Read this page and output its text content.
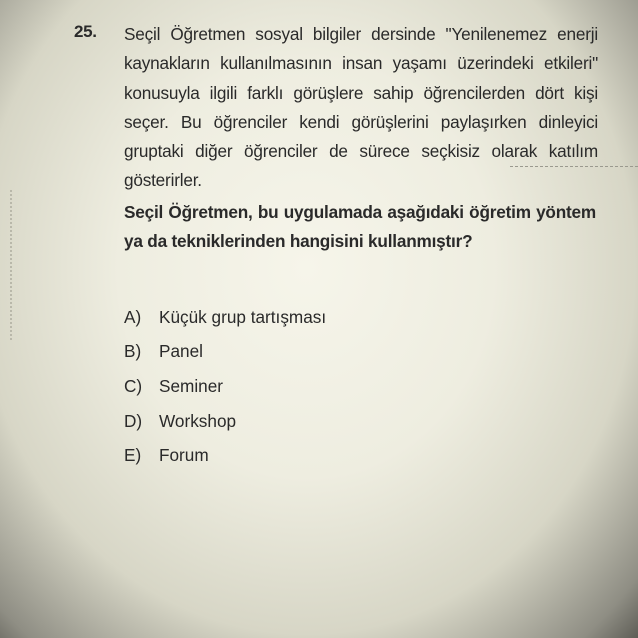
25. Seçil Öğretmen sosyal bilgiler dersinde "Yenilenemez enerji kaynakların kullanılmasının insan yaşamı üzerindeki etkileri" konusuyla ilgili farklı görüşlere sahip öğrencilerden dört kişi seçer. Bu öğrenciler kendi görüşlerini paylaşırken dinleyici gruptaki diğer öğrenciler de sürece seçkisiz olarak katılım gösterirler.
Seçil Öğretmen, bu uygulamada aşağıdaki öğretim yöntem ya da tekniklerinden hangisini kullanmıştır?
A)	Küçük grup tartışması
B)	Panel
C) Seminer
D) Workshop
E)	Forum
